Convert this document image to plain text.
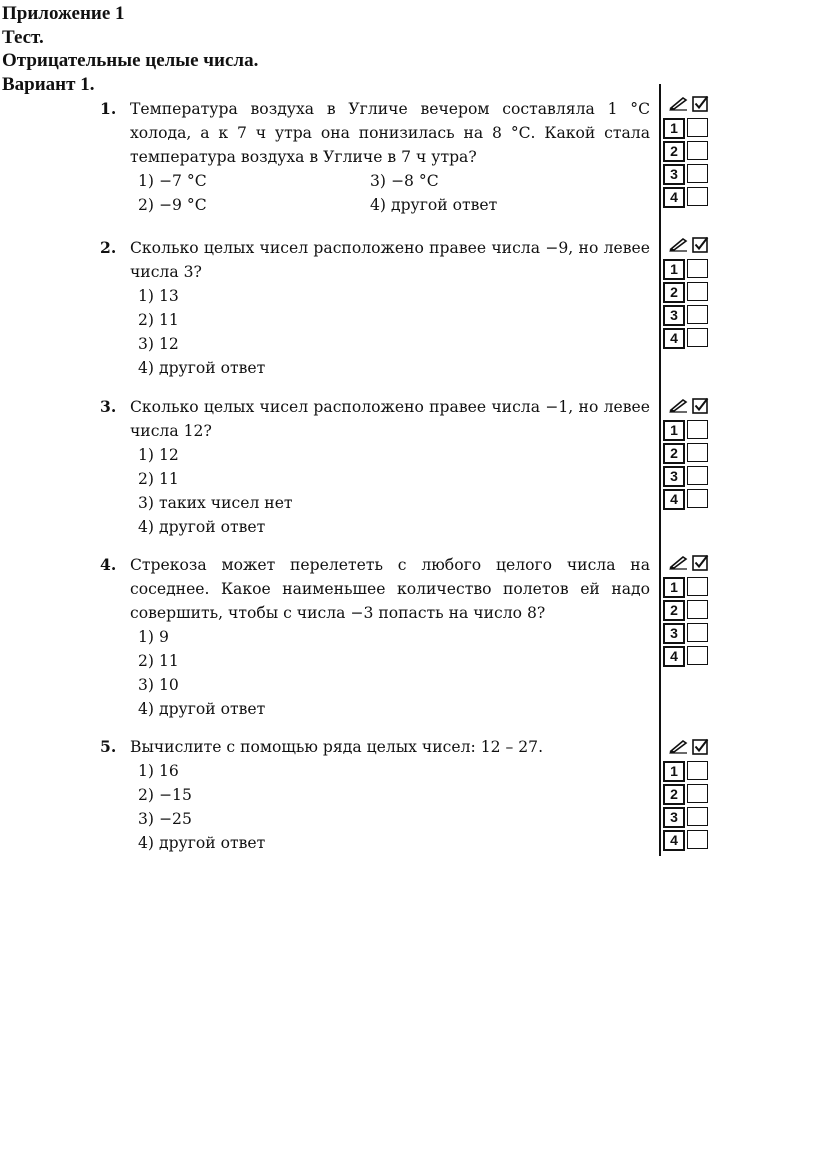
Приложение 1
Тест.
Отрицательные целые числа.
Вариант 1.
1. Температура воздуха в Угличе вечером составляла 1 °С холода, а к 7 ч утра она понизилась на 8 °С. Какой стала температура воздуха в Угличе в 7 ч утра?
1) −7 °С	3) −8 °С
2) −9 °С	4) другой ответ
2. Сколько целых чисел расположено правее числа −9, но левее числа 3?
1) 13
2) 11
3) 12
4) другой ответ
3. Сколько целых чисел расположено правее числа −1, но левее числа 12?
1) 12
2) 11
3) таких чисел нет
4) другой ответ
4. Стрекоза может перелететь с любого целого числа на соседнее. Какое наименьшее количество полетов ей надо совершить, чтобы с числа −3 попасть на число 8?
1) 9
2) 11
3) 10
4) другой ответ
5. Вычислите с помощью ряда целых чисел: 12 – 27.
1) 16
2) −15
3) −25
4) другой ответ
1
2
3
4
1
2
3
4
1
2
3
4
1
2
3
4
1
2
3
4
